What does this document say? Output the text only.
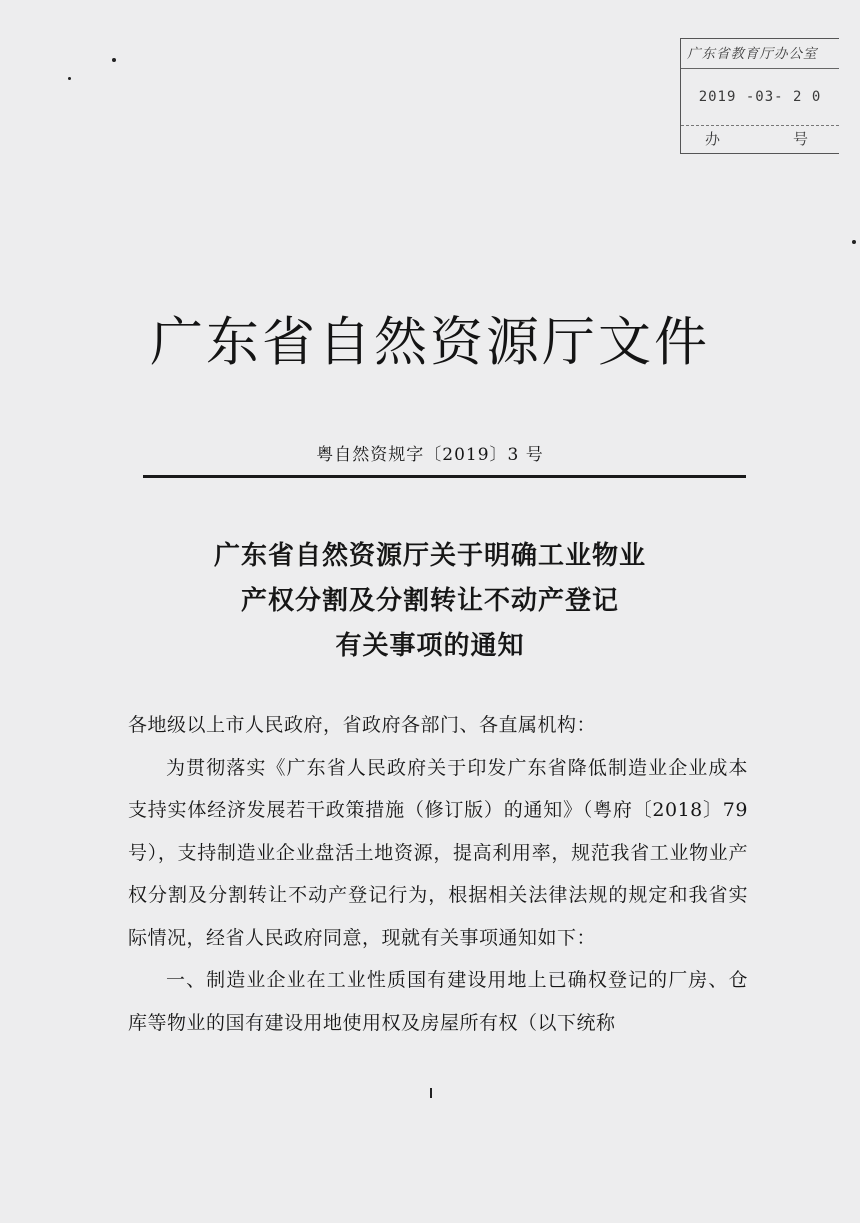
广东省教育厅办公室
2019 -03- 2 0
办	号
广东省自然资源厅文件
粤自然资规字〔2019〕3 号
广东省自然资源厅关于明确工业物业
产权分割及分割转让不动产登记
有关事项的通知

各地级以上市人民政府，省政府各部门、各直属机构：

为贯彻落实《广东省人民政府关于印发广东省降低制造业企业成本支持实体经济发展若干政策措施（修订版）的通知》（粤府〔2018〕79 号），支持制造业企业盘活土地资源，提高利用率，规范我省工业物业产权分割及分割转让不动产登记行为，根据相关法律法规的规定和我省实际情况，经省人民政府同意，现就有关事项通知如下：

一、制造业企业在工业性质国有建设用地上已确权登记的厂房、仓库等物业的国有建设用地使用权及房屋所有权（以下统称
